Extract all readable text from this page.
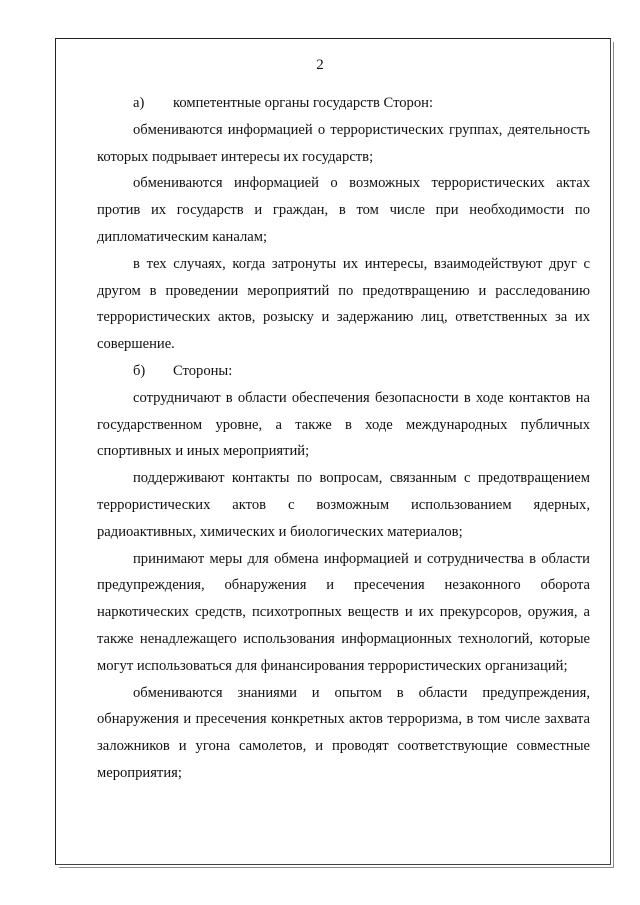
2

а) компетентные органы государств Сторон:

обмениваются информацией о террористических группах, деятельность которых подрывает интересы их государств;

обмениваются информацией о возможных террористических актах против их государств и граждан, в том числе при необходимости по дипломатическим каналам;

в тех случаях, когда затронуты их интересы, взаимодействуют друг с другом в проведении мероприятий по предотвращению и расследованию террористических актов, розыску и задержанию лиц, ответственных за их совершение.

б) Стороны:

сотрудничают в области обеспечения безопасности в ходе контактов на государственном уровне, а также в ходе международных публичных спортивных и иных мероприятий;

поддерживают контакты по вопросам, связанным с предотвращением террористических актов с возможным использованием ядерных, радиоактивных, химических и биологических материалов;

принимают меры для обмена информацией и сотрудничества в области предупреждения, обнаружения и пресечения незаконного оборота наркотических средств, психотропных веществ и их прекурсоров, оружия, а также ненадлежащего использования информационных технологий, которые могут использоваться для финансирования террористических организаций;

обмениваются знаниями и опытом в области предупреждения, обнаружения и пресечения конкретных актов терроризма, в том числе захвата заложников и угона самолетов, и проводят соответствующие совместные мероприятия;
